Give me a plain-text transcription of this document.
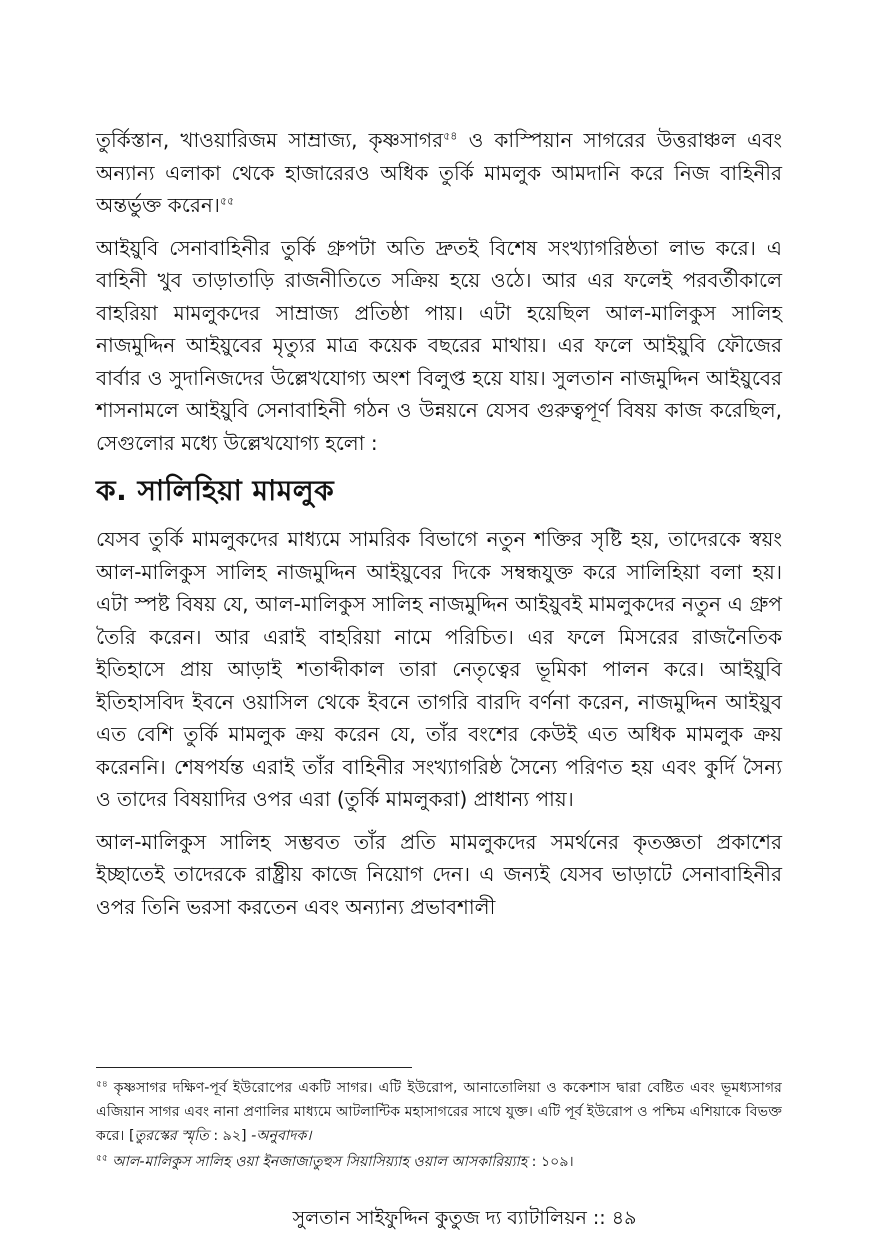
তুর্কিস্তান, খাওয়ারিজম সাম্রাজ্য, কৃষ্ণসাগর$^{৫৪}$ ও কাস্পিয়ান সাগরের উত্তরাঞ্চল এবং অন্যান্য এলাকা থেকে হাজারেরও অধিক তুর্কি মামলুক আমদানি করে নিজ বাহিনীর অন্তর্ভুক্ত করেন।$^{৫৫}$

আইয়ুবি সেনাবাহিনীর তুর্কি গ্রুপটা অতি দ্রুতই বিশেষ সংখ্যাগরিষ্ঠতা লাভ করে। এ বাহিনী খুব তাড়াতাড়ি রাজনীতিতে সক্রিয় হয়ে ওঠে। আর এর ফলেই পরবর্তীকালে বাহরিয়া মামলুকদের সাম্রাজ্য প্রতিষ্ঠা পায়। এটা হয়েছিল আল-মালিকুস সালিহ নাজমুদ্দিন আইয়ুবের মৃত্যুর মাত্র কয়েক বছরের মাথায়। এর ফলে আইয়ুবি ফৌজের বার্বার ও সুদানিজদের উল্লেখযোগ্য অংশ বিলুপ্ত হয়ে যায়। সুলতান নাজমুদ্দিন আইয়ুবের শাসনামলে আইয়ুবি সেনাবাহিনী গঠন ও উন্নয়নে যেসব গুরুত্বপূর্ণ বিষয় কাজ করেছিল, সেগুলোর মধ্যে উল্লেখযোগ্য হলো :

ক. সালিহিয়া মামলুক

যেসব তুর্কি মামলুকদের মাধ্যমে সামরিক বিভাগে নতুন শক্তির সৃষ্টি হয়, তাদেরকে স্বয়ং আল-মালিকুস সালিহ নাজমুদ্দিন আইয়ুবের দিকে সম্বন্ধযুক্ত করে সালিহিয়া বলা হয়। এটা স্পষ্ট বিষয় যে, আল-মালিকুস সালিহ নাজমুদ্দিন আইয়ুবই মামলুকদের নতুন এ গ্রুপ তৈরি করেন। আর এরাই বাহরিয়া নামে পরিচিত। এর ফলে মিসরের রাজনৈতিক ইতিহাসে প্রায় আড়াই শতাব্দীকাল তারা নেতৃত্বের ভূমিকা পালন করে। আইয়ুবি ইতিহাসবিদ ইবনে ওয়াসিল থেকে ইবনে তাগরি বারদি বর্ণনা করেন, নাজমুদ্দিন আইয়ুব এত বেশি তুর্কি মামলুক ক্রয় করেন যে, তাঁর বংশের কেউই এত অধিক মামলুক ক্রয় করেননি। শেষপর্যন্ত এরাই তাঁর বাহিনীর সংখ্যাগরিষ্ঠ সৈন্যে পরিণত হয় এবং কুর্দি সৈন্য ও তাদের বিষয়াদির ওপর এরা (তুর্কি মামলুকরা) প্রাধান্য পায়।

আল-মালিকুস সালিহ সম্ভবত তাঁর প্রতি মামলুকদের সমর্থনের কৃতজ্ঞতা প্রকাশের ইচ্ছাতেই তাদেরকে রাষ্ট্রীয় কাজে নিয়োগ দেন। এ জন্যই যেসব ভাড়াটে সেনাবাহিনীর ওপর তিনি ভরসা করতেন এবং অন্যান্য প্রভাবশালী

$^{৫৪}$ কৃষ্ণসাগর দক্ষিণ-পূর্ব ইউরোপের একটি সাগর। এটি ইউরোপ, আনাতোলিয়া ও ককেশাস দ্বারা বেষ্টিত এবং ভূমধ্যসাগর এজিয়ান সাগর এবং নানা প্রণালির মাধ্যমে আটলান্টিক মহাসাগরের সাথে যুক্ত। এটি পূর্ব ইউরোপ ও পশ্চিম এশিয়াকে বিভক্ত করে। [তুরস্কের স্মৃতি : ৯২] -অনুবাদক।

$^{৫৫}$ আল-মালিকুস সালিহ ওয়া ইনজাজাতুহুস সিয়াসিয়্যাহ ওয়াল আসকারিয়্যাহ : ১০৯।

সুলতান সাইফুদ্দিন কুতুজ দ্য ব্যাটালিয়ন :: ৪৯
